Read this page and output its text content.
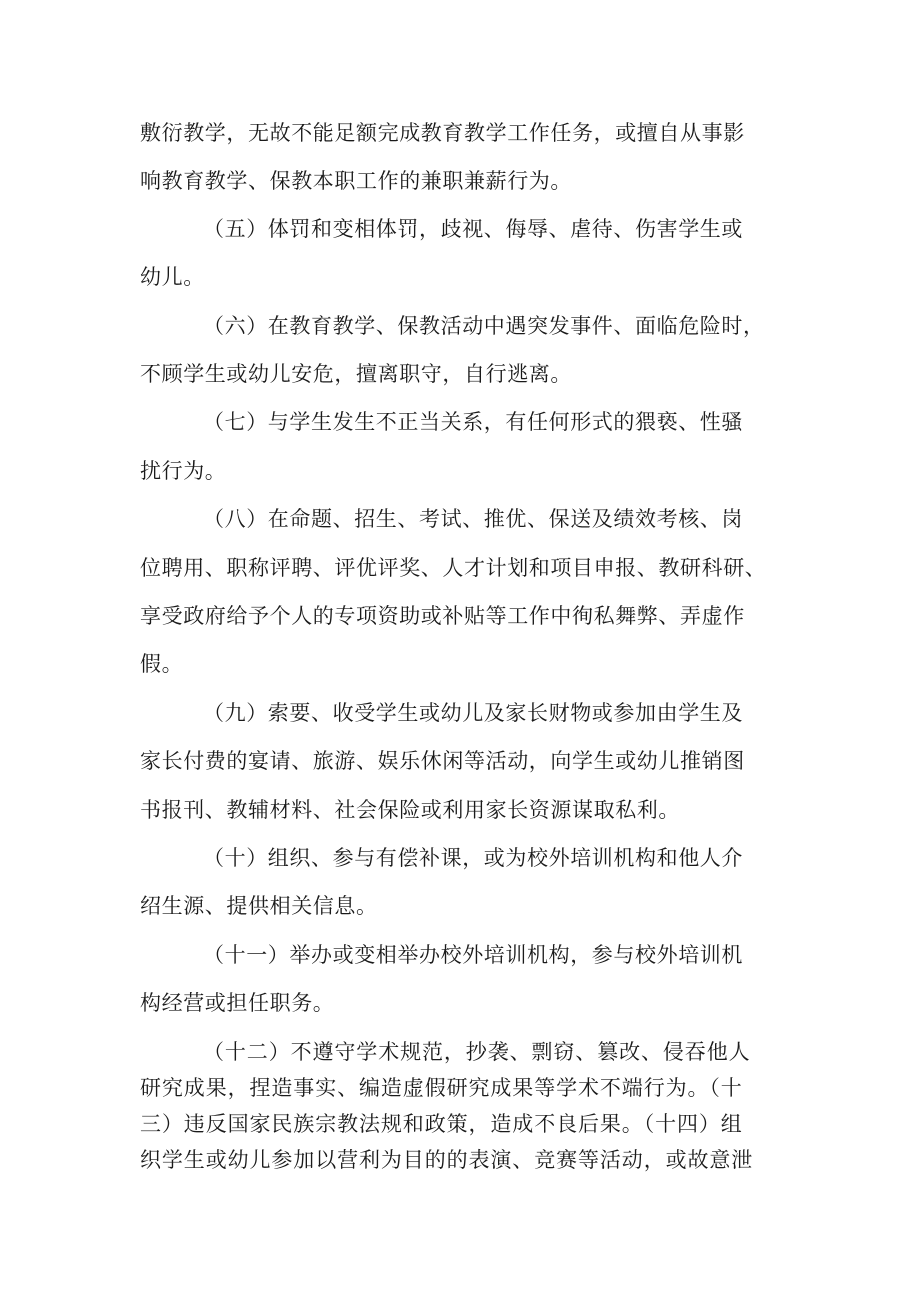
敷衍教学，无故不能足额完成教育教学工作任务，或擅自从事影
响教育教学、保教本职工作的兼职兼薪行为。
（五）体罚和变相体罚，歧视、侮辱、虐待、伤害学生或
幼儿。
（六）在教育教学、保教活动中遇突发事件、面临危险时，
不顾学生或幼儿安危，擅离职守，自行逃离。
（七）与学生发生不正当关系，有任何形式的猥亵、性骚
扰行为。
（八）在命题、招生、考试、推优、保送及绩效考核、岗
位聘用、职称评聘、评优评奖、人才计划和项目申报、教研科研、
享受政府给予个人的专项资助或补贴等工作中徇私舞弊、弄虚作
假。
（九）索要、收受学生或幼儿及家长财物或参加由学生及
家长付费的宴请、旅游、娱乐休闲等活动，向学生或幼儿推销图
书报刊、教辅材料、社会保险或利用家长资源谋取私利。
（十）组织、参与有偿补课，或为校外培训机构和他人介
绍生源、提供相关信息。
（十一）举办或变相举办校外培训机构，参与校外培训机
构经营或担任职务。
（十二）不遵守学术规范，抄袭、剽窃、篡改、侵吞他人
研究成果，捏造事实、编造虚假研究成果等学术不端行为。（十
三）违反国家民族宗教法规和政策，造成不良后果。（十四）组
织学生或幼儿参加以营利为目的的表演、竞赛等活动，或故意泄
